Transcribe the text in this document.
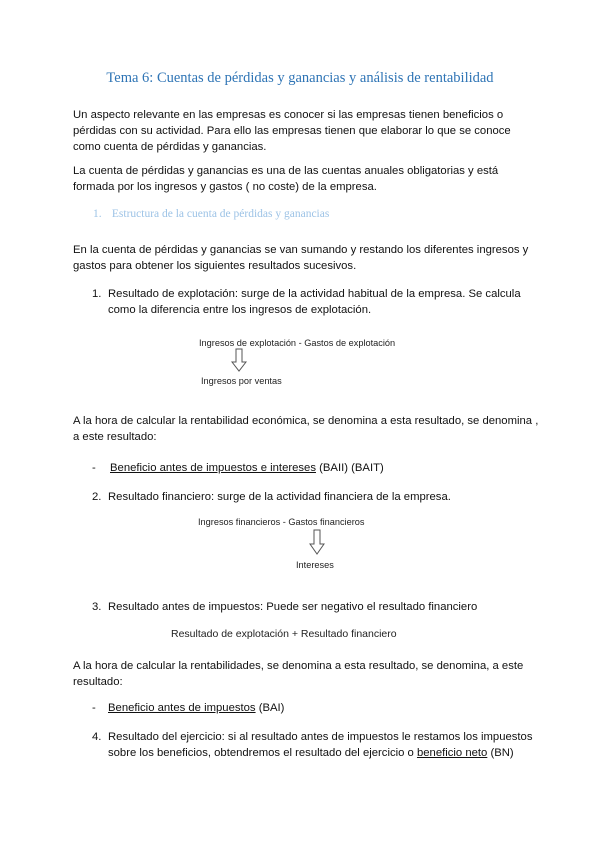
Tema 6: Cuentas de pérdidas y ganancias y análisis de rentabilidad
Un aspecto relevante en las empresas es conocer si las empresas tienen beneficios o
pérdidas con su actividad. Para ello las empresas tienen que elaborar lo que se conoce
como cuenta de pérdidas y ganancias.
La cuenta de pérdidas y ganancias es una de las cuentas anuales obligatorias y está
formada por los ingresos y gastos ( no coste) de la empresa.
1. Estructura de la cuenta de pérdidas y ganancias
En la cuenta de pérdidas y ganancias se van sumando y restando los diferentes ingresos y
gastos para obtener los siguientes resultados sucesivos.
1. Resultado de explotación: surge de la actividad habitual de la empresa. Se calcula
como la diferencia entre los ingresos de explotación.
Ingresos de explotación - Gastos de explotación
Ingresos por ventas
A la hora de calcular la rentabilidad económica, se denomina a esta resultado, se denomina ,
a este resultado:
- Beneficio antes de impuestos e intereses (BAII) (BAIT)
2. Resultado financiero: surge de la actividad financiera de la empresa.
Ingresos financieros - Gastos financieros
Intereses
3. Resultado antes de impuestos: Puede ser negativo el resultado financiero
Resultado de explotación + Resultado financiero
A la hora de calcular la rentabilidades, se denomina a esta resultado, se denomina, a este
resultado:
- Beneficio antes de impuestos (BAI)
4. Resultado del ejercicio: si al resultado antes de impuestos le restamos los impuestos
sobre los beneficios, obtendremos el resultado del ejercicio o beneficio neto (BN)
